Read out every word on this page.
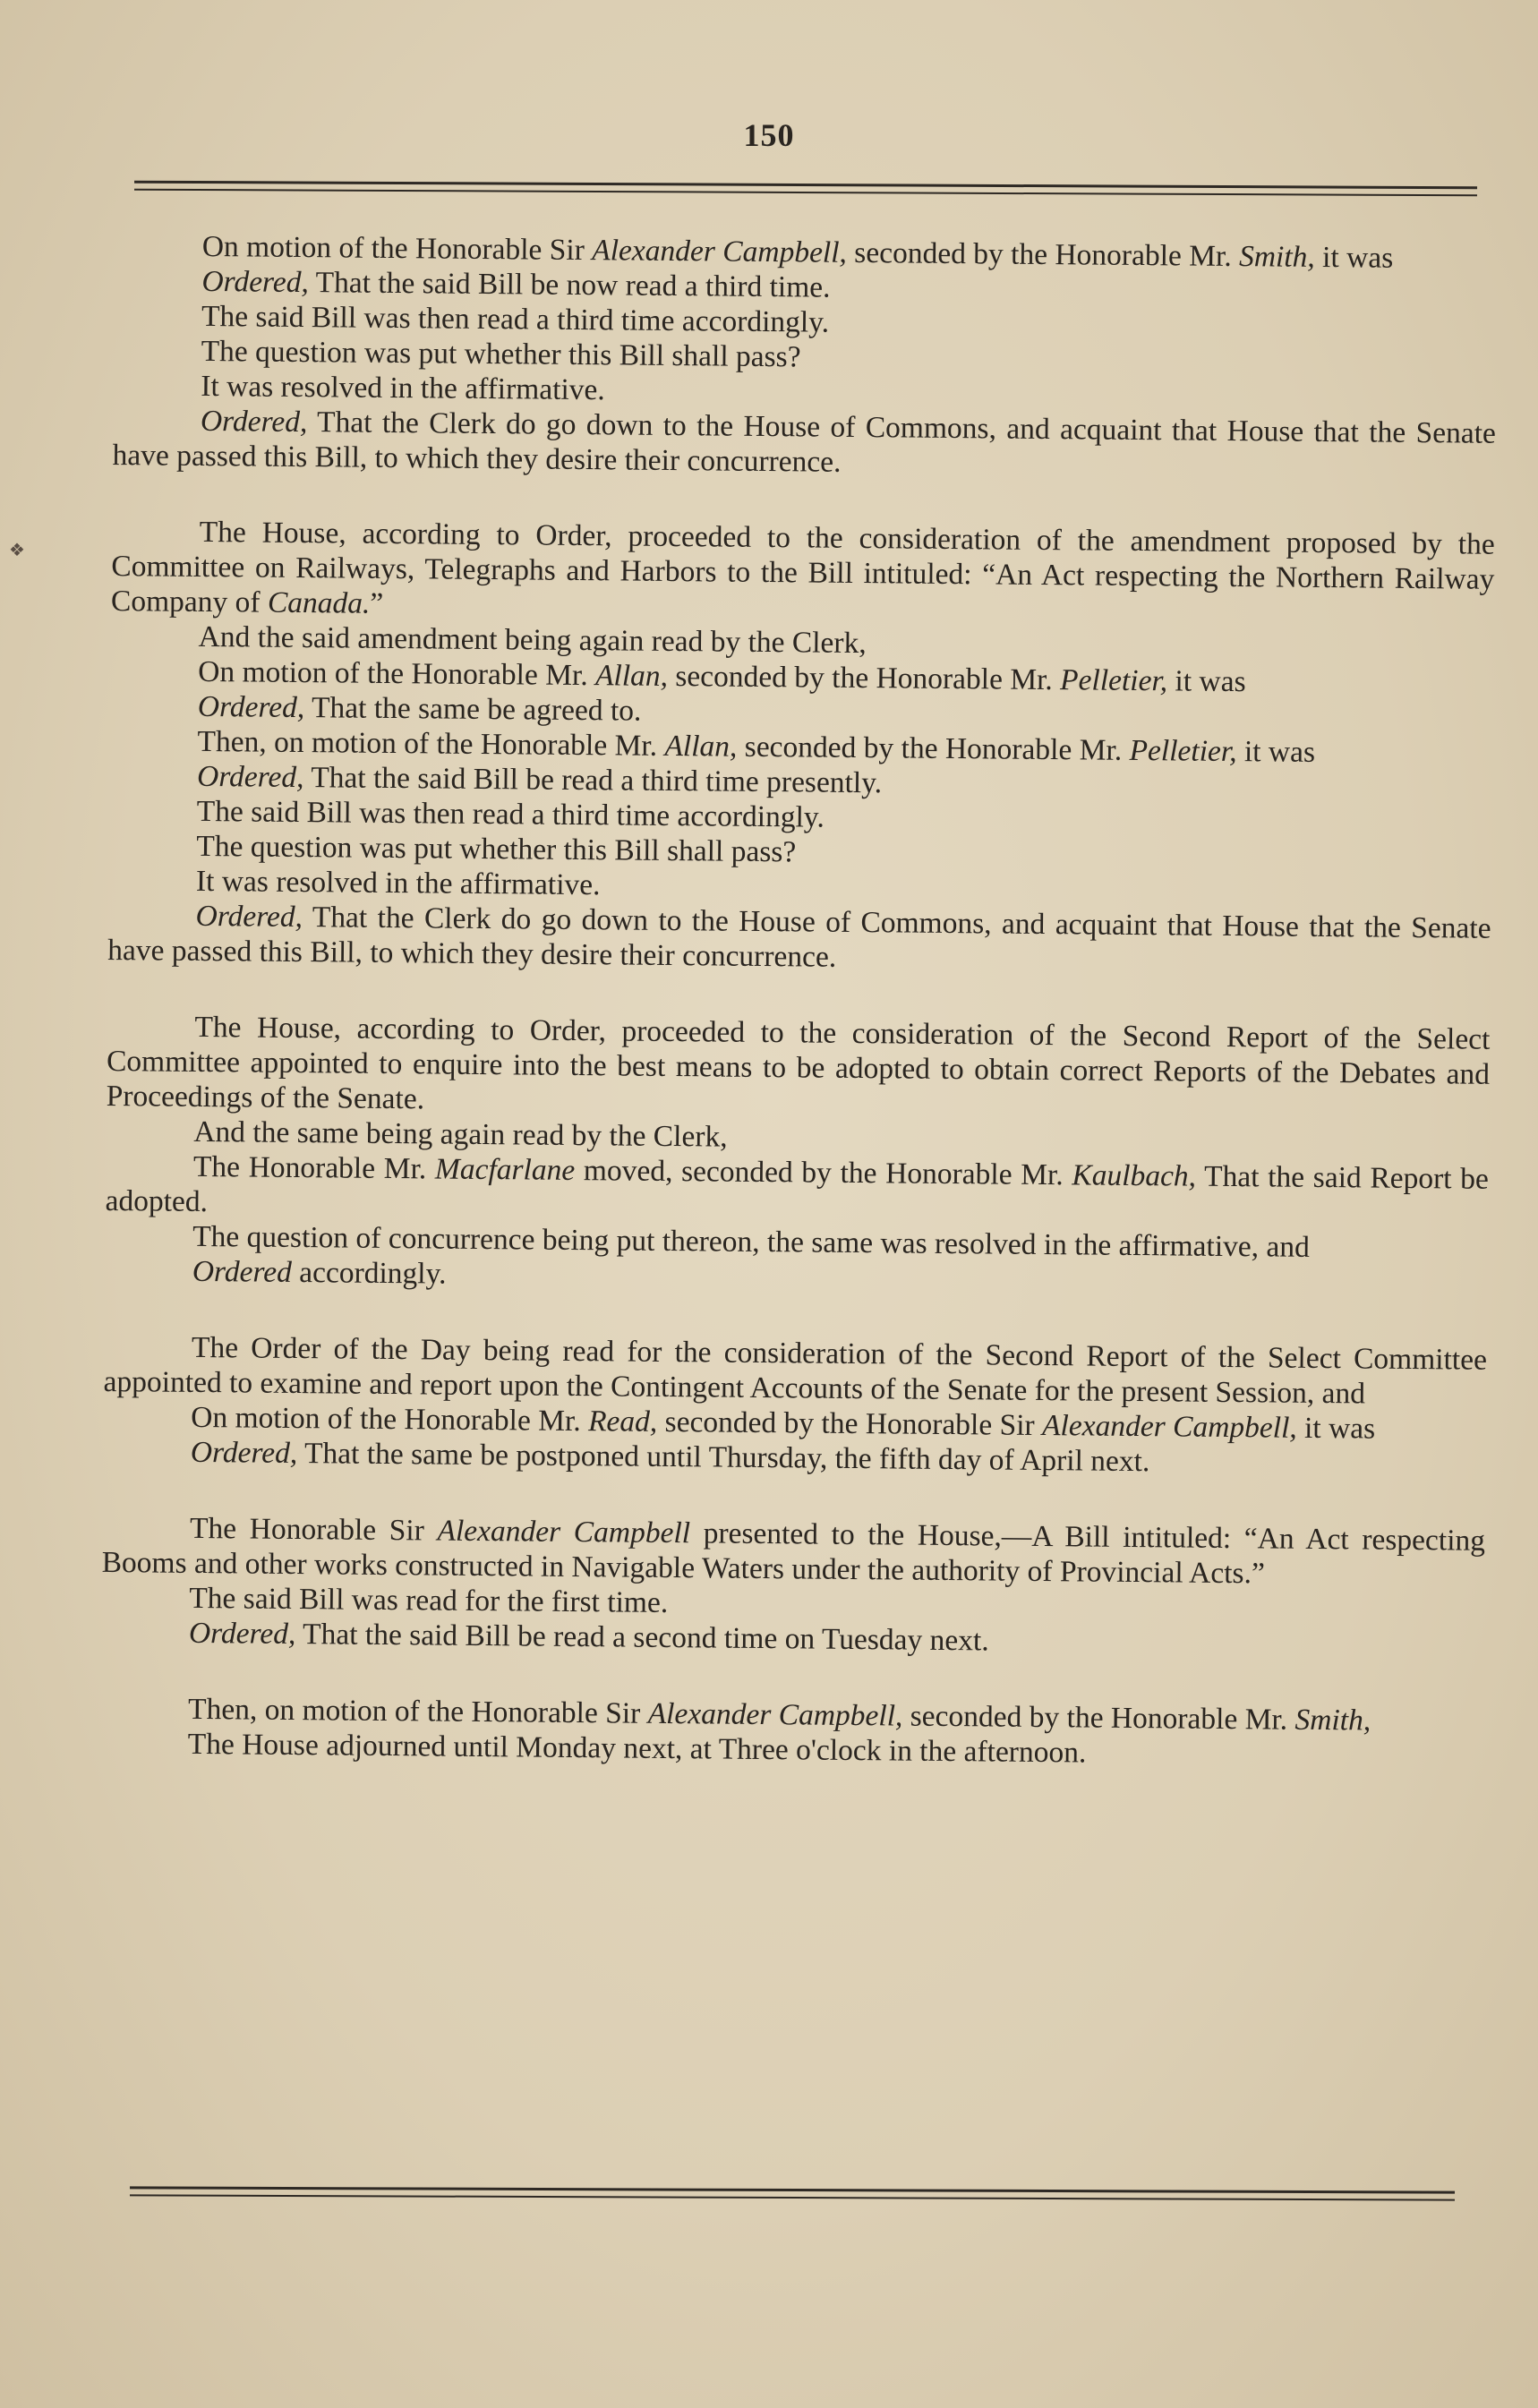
150
❖

On motion of the Honorable Sir Alexander Campbell, seconded by the Honorable Mr. Smith, it was

Ordered, That the said Bill be now read a third time.

The said Bill was then read a third time accordingly.

The question was put whether this Bill shall pass?

It was resolved in the affirmative.

Ordered, That the Clerk do go down to the House of Commons, and acquaint that House that the Senate have passed this Bill, to which they desire their concurrence.

The House, according to Order, proceeded to the consideration of the amendment proposed by the Committee on Railways, Telegraphs and Harbors to the Bill intituled: “An Act respecting the Northern Railway Company of Canada.”

And the said amendment being again read by the Clerk,

On motion of the Honorable Mr. Allan, seconded by the Honorable Mr. Pelletier, it was

Ordered, That the same be agreed to.

Then, on motion of the Honorable Mr. Allan, seconded by the Honorable Mr. Pelletier, it was

Ordered, That the said Bill be read a third time presently.

The said Bill was then read a third time accordingly.

The question was put whether this Bill shall pass?

It was resolved in the affirmative.

Ordered, That the Clerk do go down to the House of Commons, and acquaint that House that the Senate have passed this Bill, to which they desire their concurrence.

The House, according to Order, proceeded to the consideration of the Second Report of the Select Committee appointed to enquire into the best means to be adopted to obtain correct Reports of the Debates and Proceedings of the Senate.

And the same being again read by the Clerk,

The Honorable Mr. Macfarlane moved, seconded by the Honorable Mr. Kaulbach, That the said Report be adopted.

The question of concurrence being put thereon, the same was resolved in the affirmative, and

Ordered accordingly.

The Order of the Day being read for the consideration of the Second Report of the Select Committee appointed to examine and report upon the Contingent Accounts of the Senate for the present Session, and

On motion of the Honorable Mr. Read, seconded by the Honorable Sir Alexander Campbell, it was

Ordered, That the same be postponed until Thursday, the fifth day of April next.

The Honorable Sir Alexander Campbell presented to the House,—A Bill intituled: “An Act respecting Booms and other works constructed in Navigable Waters under the authority of Provincial Acts.”

The said Bill was read for the first time.

Ordered, That the said Bill be read a second time on Tuesday next.

Then, on motion of the Honorable Sir Alexander Campbell, seconded by the Honorable Mr. Smith,

The House adjourned until Monday next, at Three o'clock in the afternoon.
